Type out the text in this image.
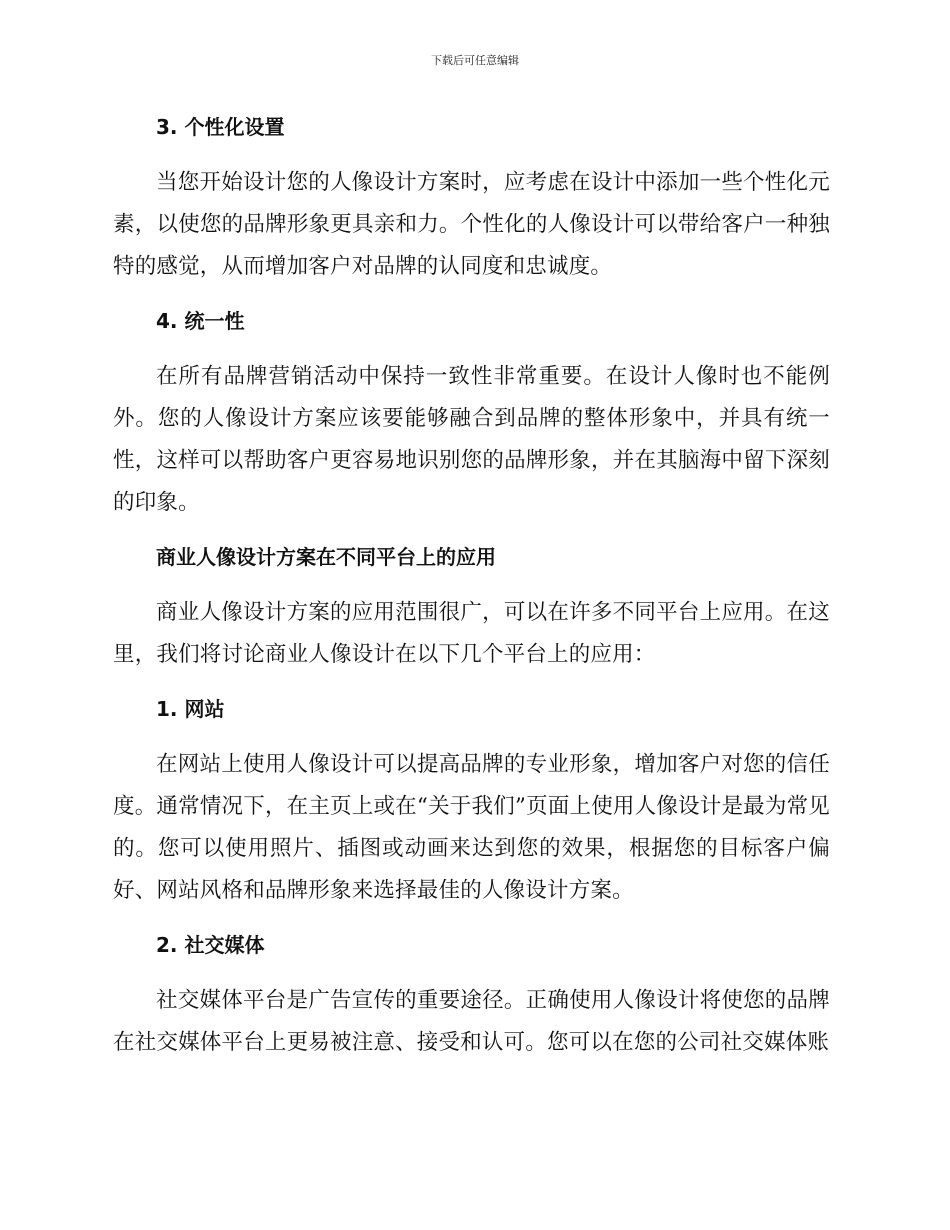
下载后可任意编辑
3. 个性化设置

当您开始设计您的人像设计方案时，应考虑在设计中添加一些个性化元素，以使您的品牌形象更具亲和力。个性化的人像设计可以带给客户一种独特的感觉，从而增加客户对品牌的认同度和忠诚度。

4. 统一性

在所有品牌营销活动中保持一致性非常重要。在设计人像时也不能例外。您的人像设计方案应该要能够融合到品牌的整体形象中，并具有统一性，这样可以帮助客户更容易地识别您的品牌形象，并在其脑海中留下深刻的印象。

商业人像设计方案在不同平台上的应用

商业人像设计方案的应用范围很广，可以在许多不同平台上应用。在这里，我们将讨论商业人像设计在以下几个平台上的应用：

1. 网站

在网站上使用人像设计可以提高品牌的专业形象，增加客户对您的信任度。通常情况下，在主页上或在“关于我们”页面上使用人像设计是最为常见的。您可以使用照片、插图或动画来达到您的效果，根据您的目标客户偏好、网站风格和品牌形象来选择最佳的人像设计方案。

2. 社交媒体

社交媒体平台是广告宣传的重要途径。正确使用人像设计将使您的品牌在社交媒体平台上更易被注意、接受和认可。您可以在您的公司社交媒体账
